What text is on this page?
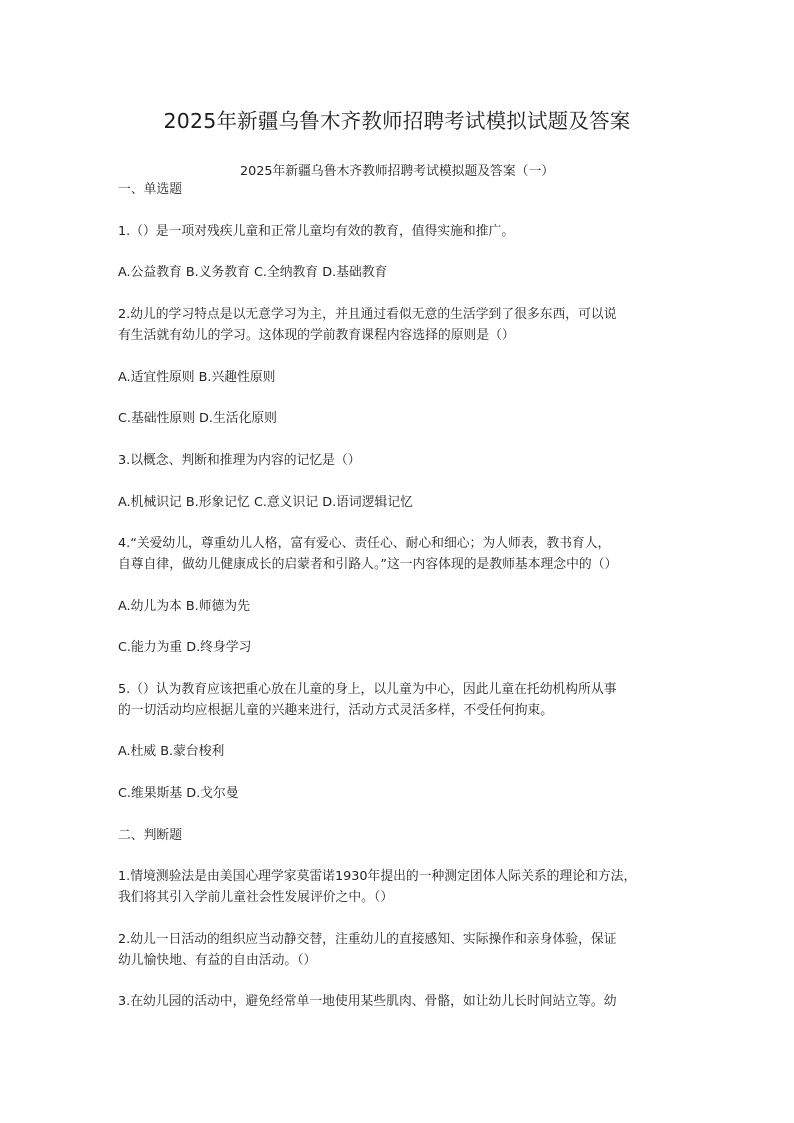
2025年新疆乌鲁木齐教师招聘考试模拟试题及答案
2025年新疆乌鲁木齐教师招聘考试模拟题及答案（一）
一、单选题
1.（）是一项对残疾儿童和正常儿童均有效的教育，值得实施和推广。
A.公益教育 B.义务教育 C.全纳教育 D.基础教育
2.幼儿的学习特点是以无意学习为主，并且通过看似无意的生活学到了很多东西，可以说
有生活就有幼儿的学习。这体现的学前教育课程内容选择的原则是（）
A.适宜性原则 B.兴趣性原则
C.基础性原则 D.生活化原则
3.以概念、判断和推理为内容的记忆是（）
A.机械识记 B.形象记忆 C.意义识记 D.语词逻辑记忆
4.“关爱幼儿，尊重幼儿人格，富有爱心、责任心、耐心和细心；为人师表，教书育人，
自尊自律，做幼儿健康成长的启蒙者和引路人。”这一内容体现的是教师基本理念中的（）
A.幼儿为本 B.师德为先
C.能力为重 D.终身学习
5.（）认为教育应该把重心放在儿童的身上，以儿童为中心，因此儿童在托幼机构所从事
的一切活动均应根据儿童的兴趣来进行，活动方式灵活多样，不受任何拘束。
A.杜威 B.蒙台梭利
C.维果斯基 D.戈尔曼
二、判断题
1.情境测验法是由美国心理学家莫雷诺1930年提出的一种测定团体人际关系的理论和方法，
我们将其引入学前儿童社会性发展评价之中。（）
2.幼儿一日活动的组织应当动静交替，注重幼儿的直接感知、实际操作和亲身体验，保证
幼儿愉快地、有益的自由活动。（）
3.在幼儿园的活动中，避免经常单一地使用某些肌肉、骨骼，如让幼儿长时间站立等。幼
